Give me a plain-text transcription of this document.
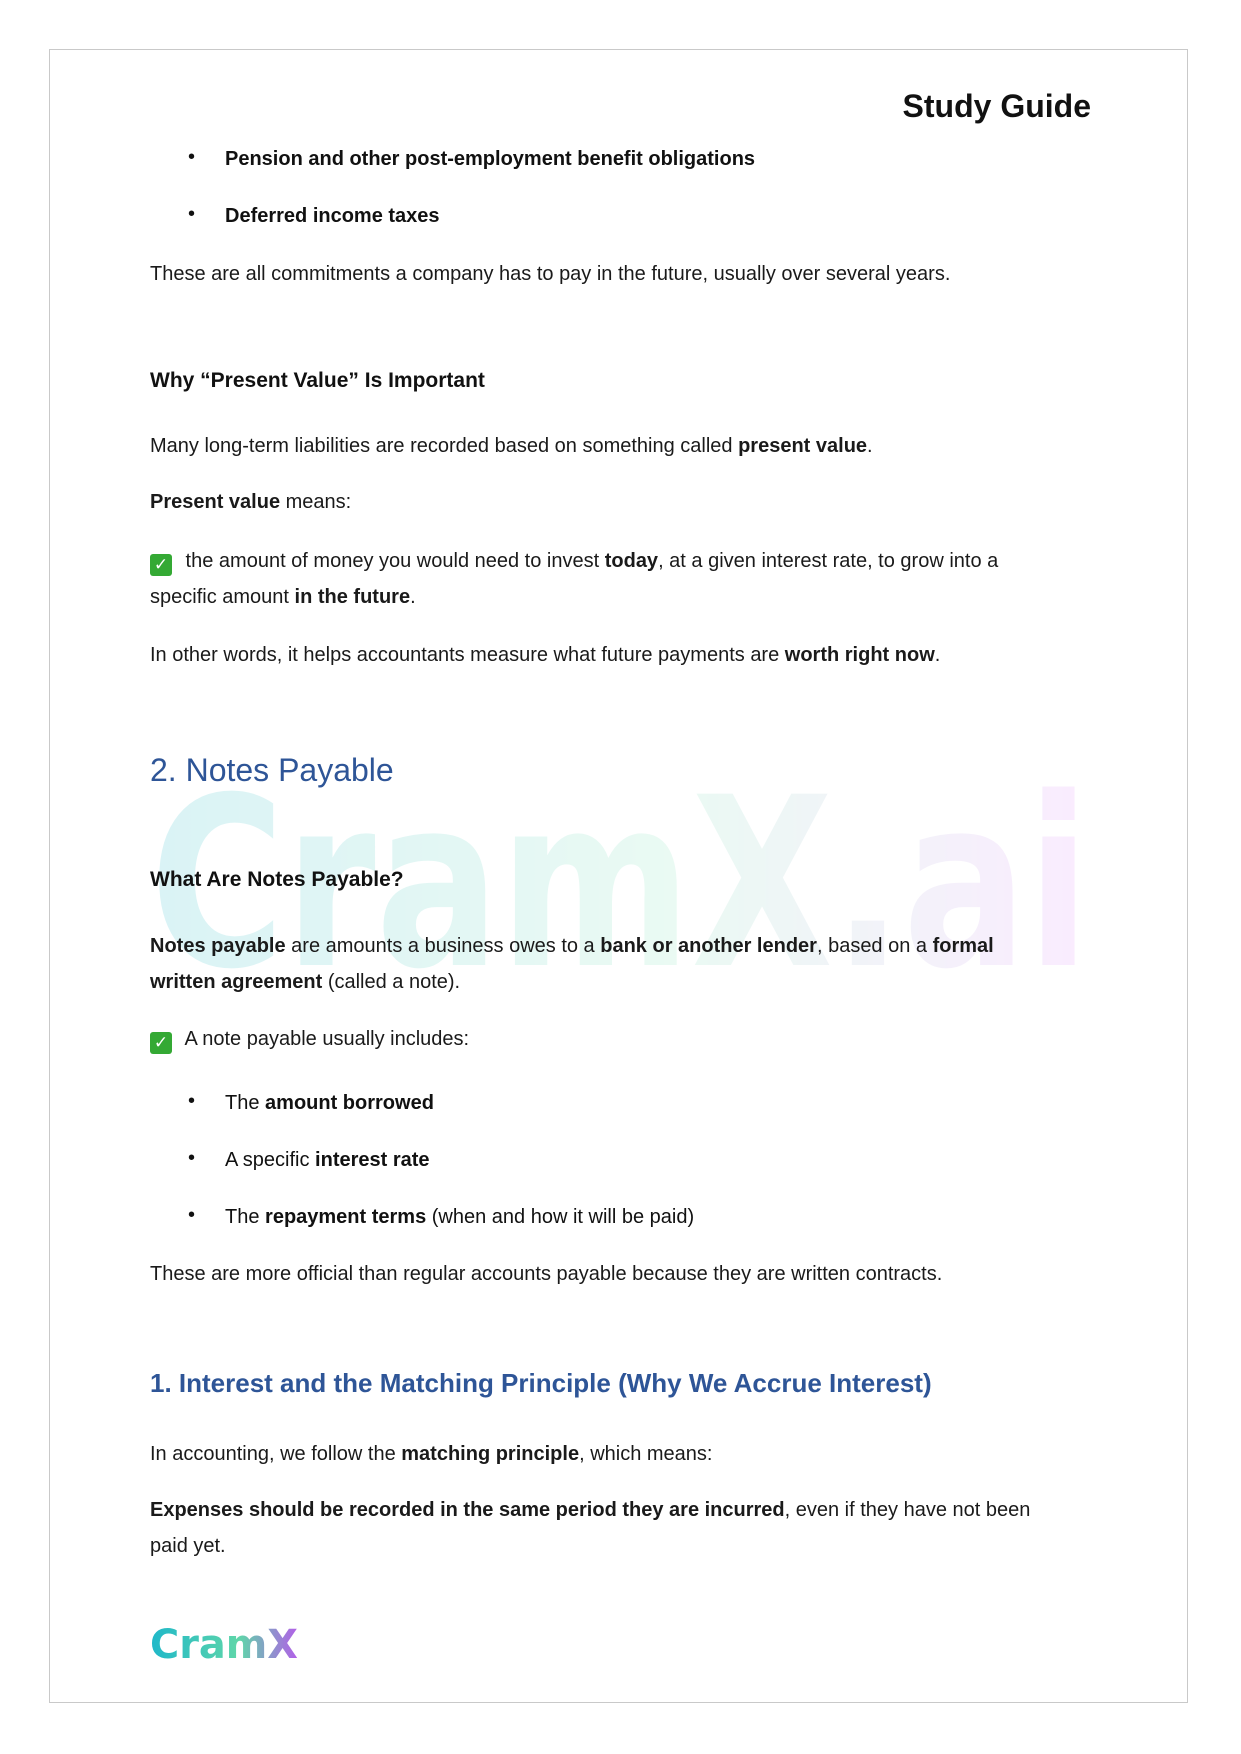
CramX.ai
Study Guide
• Pension and other post-employment benefit obligations
• Deferred income taxes

These are all commitments a company has to pay in the future, usually over several years.

Why “Present Value” Is Important

Many long-term liabilities are recorded based on something called present value.

Present value means:

✓ the amount of money you would need to invest today, at a given interest rate, to grow into a
specific amount in the future.

In other words, it helps accountants measure what future payments are worth right now.

2. Notes Payable
What Are Notes Payable?

Notes payable are amounts a business owes to a bank or another lender, based on a formal
written agreement (called a note).

✓ A note payable usually includes:

• The amount borrowed
• A specific interest rate
• The repayment terms (when and how it will be paid)

These are more official than regular accounts payable because they are written contracts.

1. Interest and the Matching Principle (Why We Accrue Interest)

In accounting, we follow the matching principle, which means:

Expenses should be recorded in the same period they are incurred, even if they have not been
paid yet.

CramX
